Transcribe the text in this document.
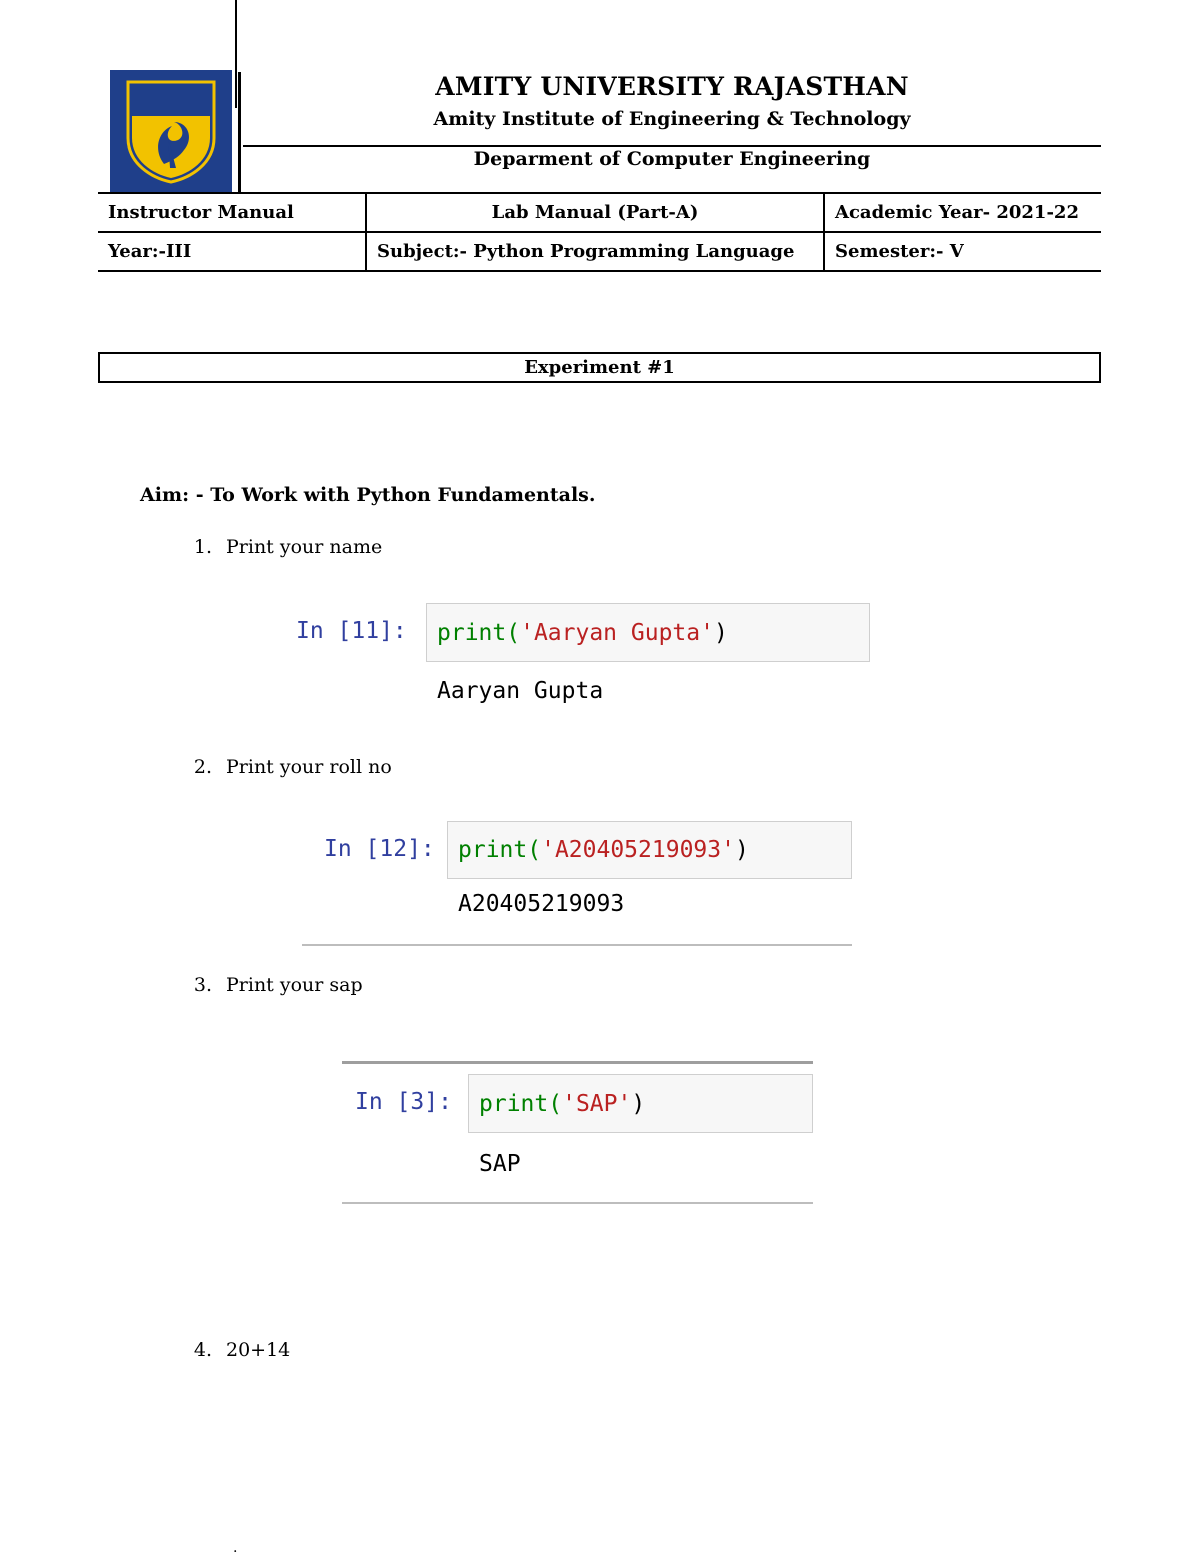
AMITY UNIVERSITY RAJASTHAN
Amity Institute of Engineering & Technology
Deparment of Computer Engineering
Instructor Manual	Lab Manual (Part-A)	Academic Year- 2021-22
Year:-III	Subject:- Python Programming Language	Semester:- V
Experiment #1
Aim: - To Work with Python Fundamentals.
1. Print your name
In [11]: print( 'Aaryan Gupta' )
Aaryan Gupta
2. Print your roll no
In [12]: print( 'A20405219093' )
A20405219093
3. Print your sap
In [3]: print( 'SAP' )
SAP
4. 20+14
.
